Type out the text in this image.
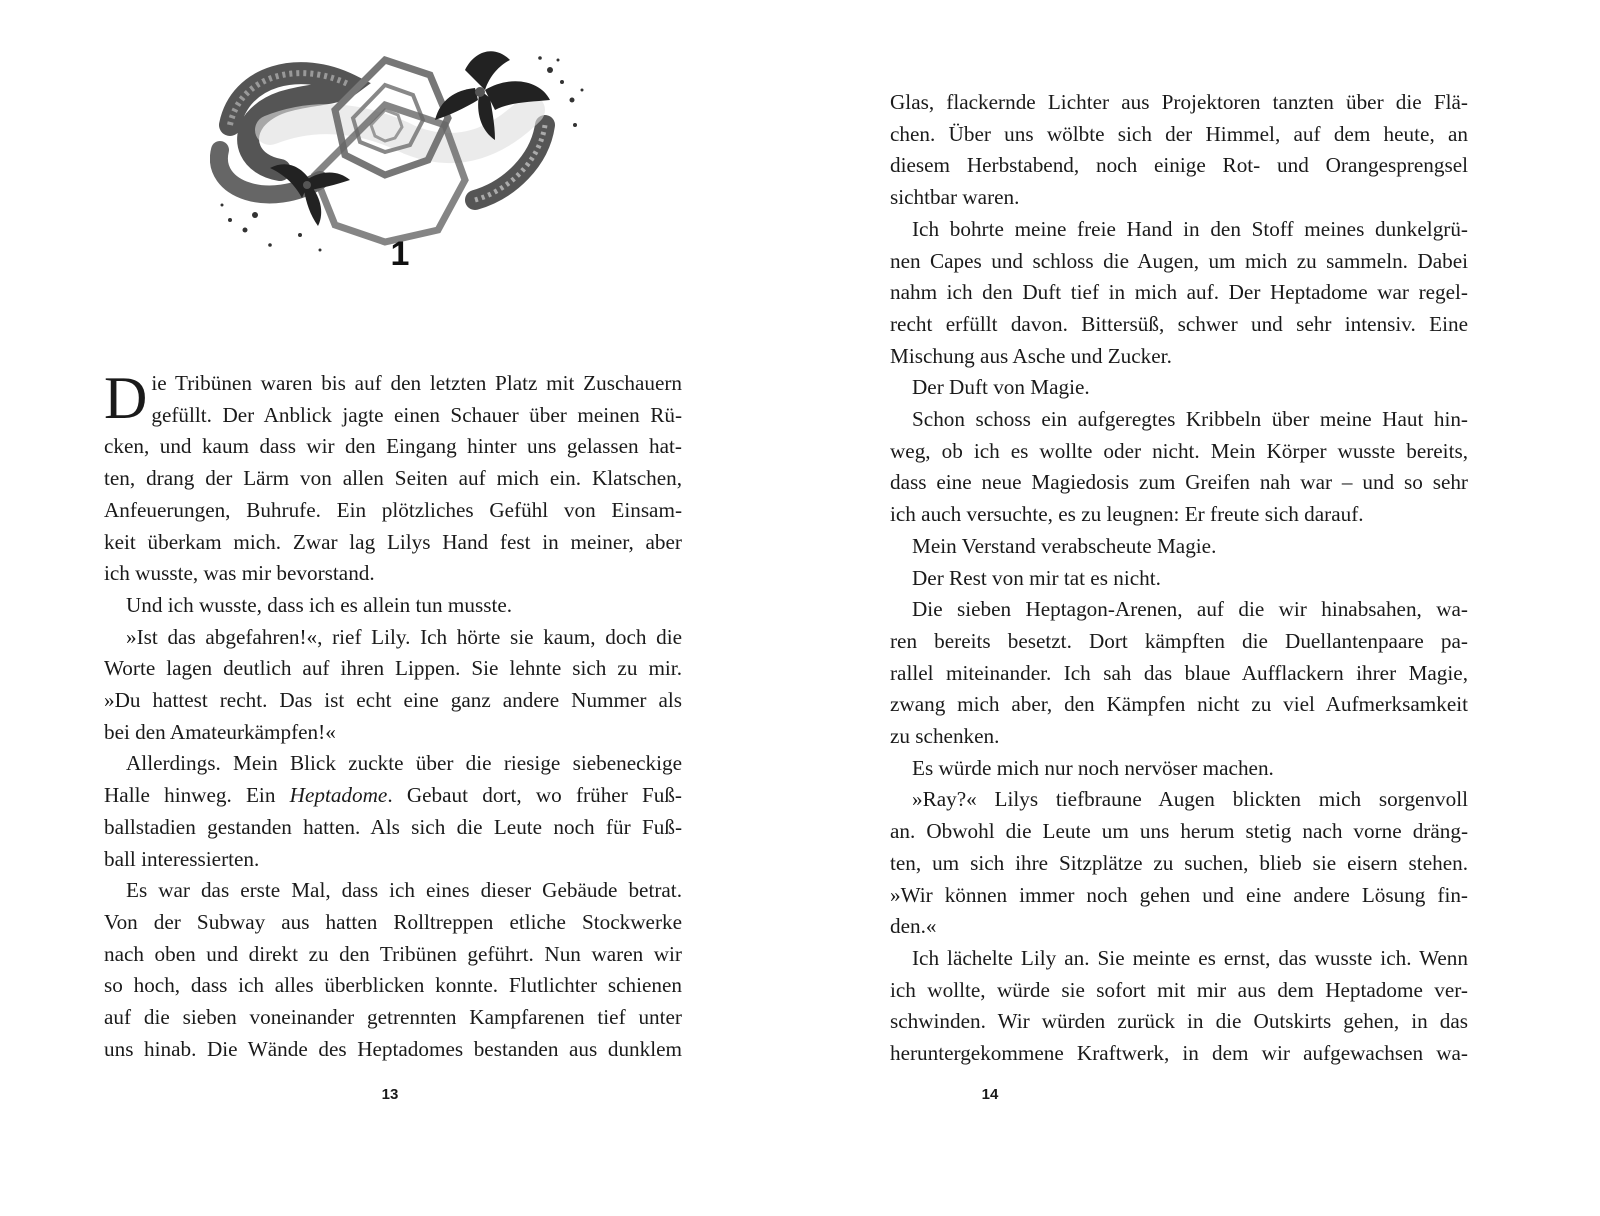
1

D ie Tribünen waren bis auf den letzten Platz mit Zuschauern
gefüllt. Der Anblick jagte einen Schauer über meinen Rü-
cken, und kaum dass wir den Eingang hinter uns gelassen hat-
ten, drang der Lärm von allen Seiten auf mich ein. Klatschen,
Anfeuerungen, Buhrufe. Ein plötzliches Gefühl von Einsam-
keit überkam mich. Zwar lag Lilys Hand fest in meiner, aber
ich wusste, was mir bevorstand.

Und ich wusste, dass ich es allein tun musste.

»Ist das abgefahren!«, rief Lily. Ich hörte sie kaum, doch die
Worte lagen deutlich auf ihren Lippen. Sie lehnte sich zu mir.
»Du hattest recht. Das ist echt eine ganz andere Nummer als
bei den Amateurkämpfen!«

Allerdings. Mein Blick zuckte über die riesige siebeneckige
Halle hinweg. Ein Heptadome. Gebaut dort, wo früher Fuß-
ballstadien gestanden hatten. Als sich die Leute noch für Fuß-
ball interessierten.

Es war das erste Mal, dass ich eines dieser Gebäude betrat.
Von der Subway aus hatten Rolltreppen etliche Stockwerke
nach oben und direkt zu den Tribünen geführt. Nun waren wir
so hoch, dass ich alles überblicken konnte. Flutlichter schienen
auf die sieben voneinander getrennten Kampfarenen tief unter
uns hinab. Die Wände des Heptadomes bestanden aus dunklem

13

Glas, flackernde Lichter aus Projektoren tanzten über die Flä-
chen. Über uns wölbte sich der Himmel, auf dem heute, an
diesem Herbstabend, noch einige Rot- und Orangesprengsel
sichtbar waren.

Ich bohrte meine freie Hand in den Stoff meines dunkelgrü-
nen Capes und schloss die Augen, um mich zu sammeln. Dabei
nahm ich den Duft tief in mich auf. Der Heptadome war regel-
recht erfüllt davon. Bittersüß, schwer und sehr intensiv. Eine
Mischung aus Asche und Zucker.

Der Duft von Magie.

Schon schoss ein aufgeregtes Kribbeln über meine Haut hin-
weg, ob ich es wollte oder nicht. Mein Körper wusste bereits,
dass eine neue Magiedosis zum Greifen nah war – und so sehr
ich auch versuchte, es zu leugnen: Er freute sich darauf.

Mein Verstand verabscheute Magie.

Der Rest von mir tat es nicht.

Die sieben Heptagon-Arenen, auf die wir hinabsahen, wa-
ren bereits besetzt. Dort kämpften die Duellantenpaare pa-
rallel miteinander. Ich sah das blaue Aufflackern ihrer Magie,
zwang mich aber, den Kämpfen nicht zu viel Aufmerksamkeit
zu schenken.

Es würde mich nur noch nervöser machen.

»Ray?« Lilys tiefbraune Augen blickten mich sorgenvoll
an. Obwohl die Leute um uns herum stetig nach vorne dräng-
ten, um sich ihre Sitzplätze zu suchen, blieb sie eisern stehen.
»Wir können immer noch gehen und eine andere Lösung fin-
den.«

Ich lächelte Lily an. Sie meinte es ernst, das wusste ich. Wenn
ich wollte, würde sie sofort mit mir aus dem Heptadome ver-
schwinden. Wir würden zurück in die Outskirts gehen, in das
heruntergekommene Kraftwerk, in dem wir aufgewachsen wa-

14
